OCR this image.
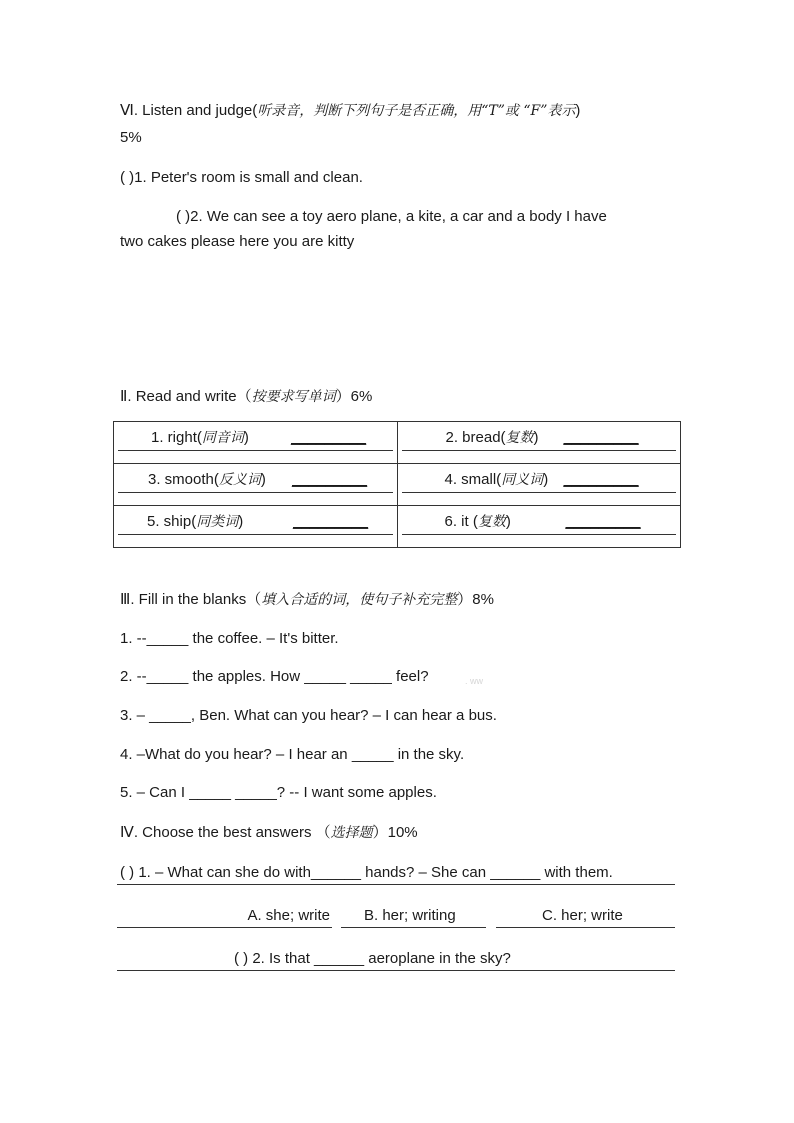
Ⅵ. Listen and judge(听录音，判断下列句子是否正确，用“T”或 “F”表示)
5%
( )1. Peter's room is small and clean.
( )2. We can see a toy aero plane, a kite, a car and a body I have
two cakes please here you are kitty
Ⅱ. Read and write（按要求写单词）6%
1. right(同音词) _________	2. bread(复数) _________

3. smooth(反义词) _________	4. small(同义词) _________

5. ship(同类词) _________	6. it (复数) _________
Ⅲ. Fill in the blanks（填入合适的词，使句子补充完整）8%
1. --_____ the coffee. – It's bitter.
2. --_____ the apples. How _____ _____ feel?	. ww
3. – _____, Ben. What can you hear? – I can hear a bus.
4. –What do you hear? – I hear an _____ in the sky.
5. – Can I _____ _____? -- I want some apples.
Ⅳ. Choose the best answers （选择题）10%
( ) 1. – What can she do with______ hands? – She can ______ with them.
A. she; write B. her; writing	C. her; write
( ) 2. Is that ______ aeroplane in the sky?
